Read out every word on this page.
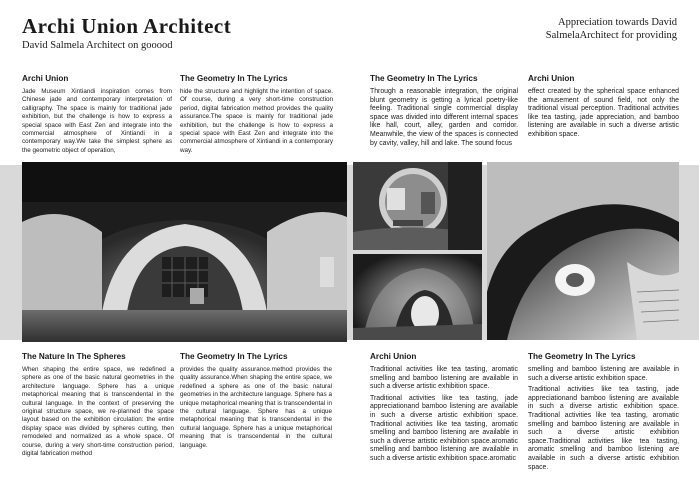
Archi Union Architect
David Salmela Architect on gooood
Appreciation towards David
SalmelaArchitect for providing
Archi Union

Jade Museum Xintiandi inspiration comes from Chinese jade and contemporary interpretation of calligraphy. The space is mainly for traditional jade exhibition, but the challenge is how to express a special space with East Zen and integrate into the commercial atmosphere of Xintiandi in a contemporary way.We take the simplest sphere as the geometric object of operation,

The Geometry In The Lyrics

hide the structure and highlight the intention of space. Of course, during a very short-time construction period, digital fabrication method provides the quality assurance.The space is mainly for traditional jade exhibition, but the challenge is how to express a special space with East Zen and integrate into the commercial atmosphere of Xintiandi in a contemporary way.

The Geometry In The Lyrics

Through a reasonable integration, the original blunt geometry is getting a lyrical poetry-like feeling. Traditional single commercial display space was divided into different internal spaces like hall, court, alley, garden and corridor. Meanwhile, the view of the spaces is connected by cavity, valley, hill and lake. The sound focus

Archi Union

effect created by the spherical space enhanced the amusement of sound field, not only the traditional visual perception. Traditional activities like tea tasting, jade appreciation, and bamboo listening are available in such a diverse artistic exhibition space.

The Nature In The Spheres

When shaping the entire space, we redefined a sphere as one of the basic natural geometries in the architecture language. Sphere has a unique metaphorical meaning that is transcendental in the cultural language. In the context of preserving the original structure space, we re-planned the space layout based on the exhibition circulation: the entire display space was divided by spheres cutting, then remodeled and normalized as a whole space. Of course, during a very short-time construction period, digital fabrication method

The Geometry In The Lyrics

provides the quality assurance.method provides the quality assurance.When shaping the entire space, we redefined a sphere as one of the basic natural geometries in the architecture language. Sphere has a unique metaphorical meaning that is transcendental in the cultural language. Sphere has a unique metaphorical meaning that is transcendental in the cultural language. Sphere has a unique metaphorical meaning that is transcendental in the cultural language.

Archi Union

Traditional activities like tea tasting, aromatic smelling and bamboo listening are available in such a diverse artistic exhibition space.

Traditional activities like tea tasting, jade appreciationand bamboo listening are available in such a diverse artistic exhibition space. Traditional activities like tea tasting, aromatic smelling and bamboo listening are available in such a diverse artistic exhibition space.aromatic smelling and bamboo listening are available in such a diverse artistic exhibition space.aromatic

The Geometry In The Lyrics

smelling and bamboo listening are available in such a diverse artistic exhibition space.

Traditional activities like tea tasting, jade appreciationand bamboo listening are available in such a diverse artistic exhibition space. Traditional activities like tea tasting, aromatic smelling and bamboo listening are available in such a diverse artistic exhibition space.Traditional activities like tea tasting, aromatic smelling and bamboo listening are available in such a diverse artistic exhibition space.
